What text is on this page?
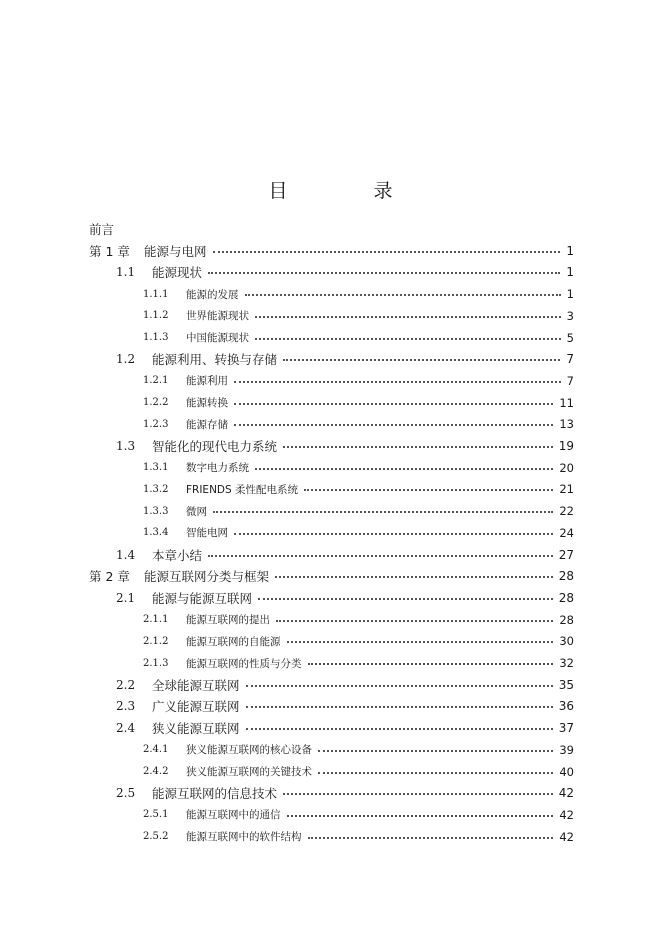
目 录
前言
第 1 章	能源与电网	1
1.1	能源现状	1
1.1.1	能源的发展	1
1.1.2	世界能源现状	3
1.1.3	中国能源现状	5
1.2	能源利用、转换与存储	7
1.2.1	能源利用	7
1.2.2	能源转换	11
1.2.3	能源存储	13
1.3	智能化的现代电力系统	19
1.3.1	数字电力系统	20
1.3.2	FRIENDS 柔性配电系统	21
1.3.3	微网	22
1.3.4	智能电网	24
1.4	本章小结	27
第 2 章	能源互联网分类与框架	28
2.1	能源与能源互联网	28
2.1.1	能源互联网的提出	28
2.1.2	能源互联网的自能源	30
2.1.3	能源互联网的性质与分类	32
2.2	全球能源互联网	35
2.3	广义能源互联网	36
2.4	狭义能源互联网	37
2.4.1	狭义能源互联网的核心设备	39
2.4.2	狭义能源互联网的关键技术	40
2.5	能源互联网的信息技术	42
2.5.1	能源互联网中的通信	42
2.5.2	能源互联网中的软件结构	42
